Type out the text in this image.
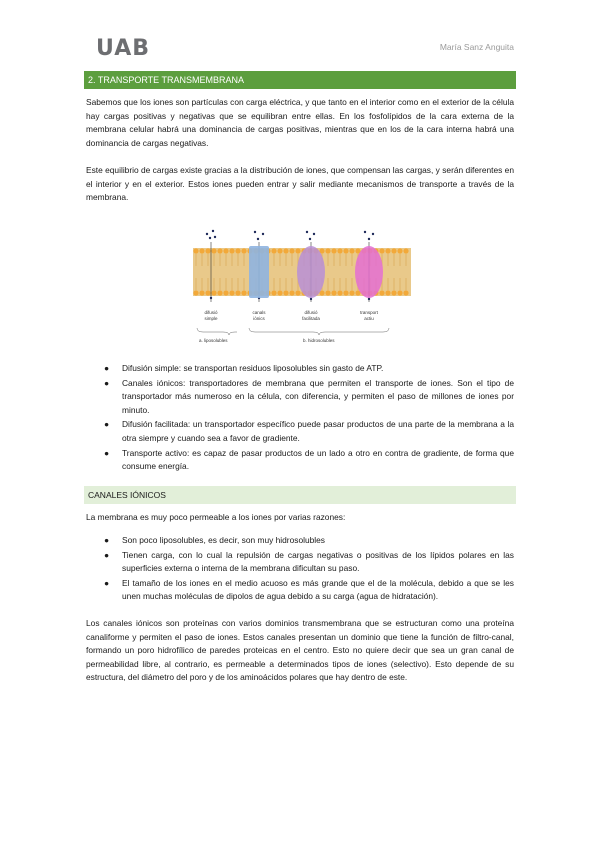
UAB	María Sanz Anguita
2. TRANSPORTE TRANSMEMBRANA

Sabemos que los iones son partículas con carga eléctrica, y que tanto en el interior como en el exterior de la célula hay cargas positivas y negativas que se equilibran entre ellas. En los fosfolípidos de la cara externa de la membrana celular habrá una dominancia de cargas positivas, mientras que en los de la cara interna habrá una dominancia de cargas negativas.

Este equilibrio de cargas existe gracias a la distribución de iones, que compensan las cargas, y serán diferentes en el interior y en el exterior. Estos iones pueden entrar y salir mediante mecanismos de transporte a través de la membrana.

difusió
simple
canals
iònics
difusió
facilitada
transport
actiu
a. liposolubles	b. hidrosolubles
● Difusión simple: se transportan residuos liposolubles sin gasto de ATP.
● Canales iónicos: transportadores de membrana que permiten el transporte de iones. Son el tipo de transportador más numeroso en la célula, con diferencia, y permiten el paso de millones de iones por minuto.
● Difusión facilitada: un transportador específico puede pasar productos de una parte de la membrana a la otra siempre y cuando sea a favor de gradiente.
● Transporte activo: es capaz de pasar productos de un lado a otro en contra de gradiente, de forma que consume energía.
CANALES IÓNICOS

La membrana es muy poco permeable a los iones por varias razones:

● Son poco liposolubles, es decir, son muy hidrosolubles
● Tienen carga, con lo cual la repulsión de cargas negativas o positivas de los lípidos polares en las superficies externa o interna de la membrana dificultan su paso.
● El tamaño de los iones en el medio acuoso es más grande que el de la molécula, debido a que se les unen muchas moléculas de dipolos de agua debido a su carga (agua de hidratación).

Los canales iónicos son proteínas con varios dominios transmembrana que se estructuran como una proteína canaliforme y permiten el paso de iones. Estos canales presentan un dominio que tiene la función de filtro-canal, formando un poro hidrofílico de paredes proteicas en el centro. Esto no quiere decir que sea un gran canal de permeabilidad libre, al contrario, es permeable a determinados tipos de iones (selectivo). Esto depende de su estructura, del diámetro del poro y de los aminoácidos polares que hay dentro de este.
